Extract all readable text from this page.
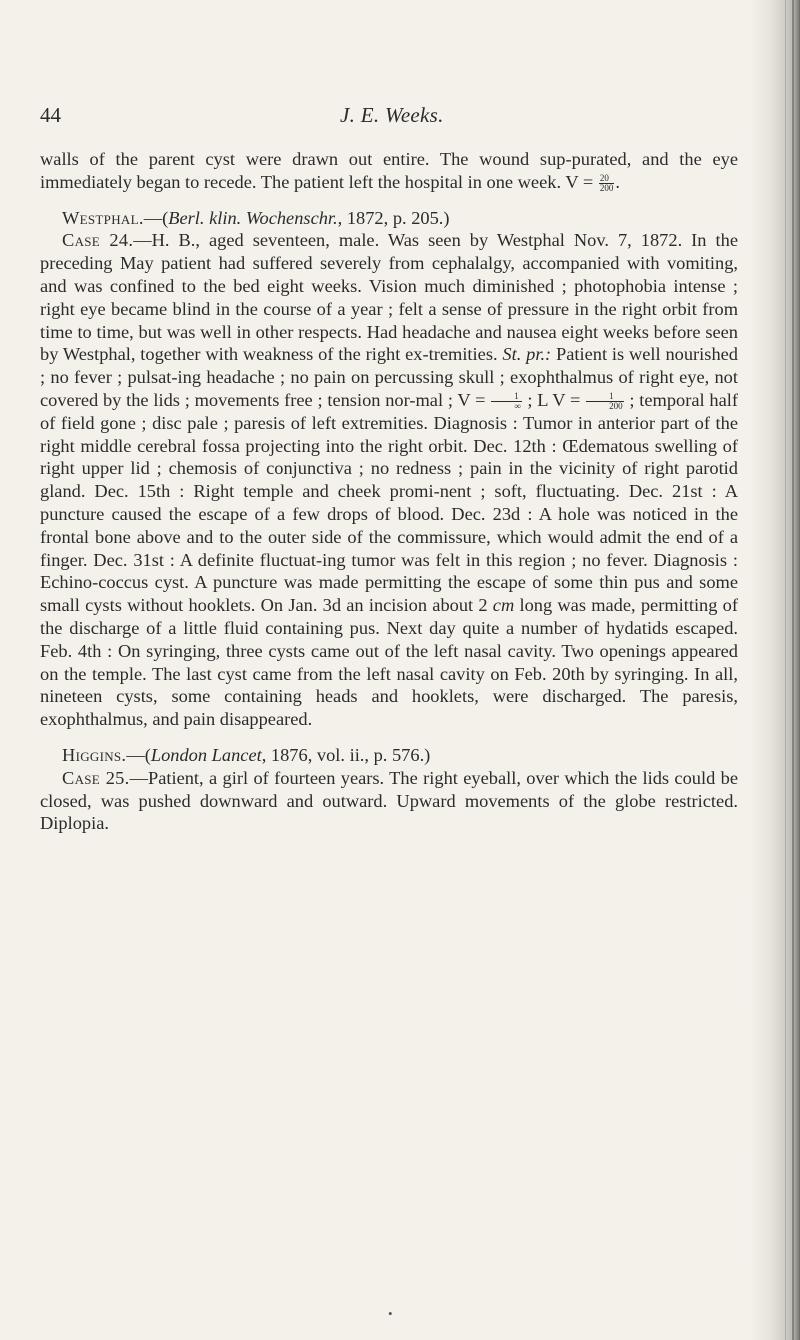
44	J. E. Weeks.

walls of the parent cyst were drawn out entire. The wound sup-purated, and the eye immediately began to recede. The patient left the hospital in one week. $V = \frac{20}{200}$ .

Westphal.—(Berl. klin. Wochenschr., 1872, p. 205.)

Case 24.—H. B., aged seventeen, male. Was seen by Westphal Nov. 7, 1872. In the preceding May patient had suffered severely from cephalalgy, accompanied with vomiting, and was confined to the bed eight weeks. Vision much diminished ; photophobia intense ; right eye became blind in the course of a year ; felt a sense of pressure in the right orbit from time to time, but was well in other respects. Had headache and nausea eight weeks before seen by Westphal, together with weakness of the right ex-tremities. St. pr.: Patient is well nourished ; no fever ; pulsat-ing headache ; no pain on percussing skull ; exophthalmus of right eye, not covered by the lids ; movements free ; tension nor-mal ; $V = \frac{1}{\infty}$ ; L $V = \frac{1}{200}$ ; temporal half of field gone ; disc pale ; paresis of left extremities. Diagnosis : Tumor in anterior part of the right middle cerebral fossa projecting into the right orbit. Dec. 12th : Œdematous swelling of right upper lid ; chemosis of conjunctiva ; no redness ; pain in the vicinity of right parotid gland. Dec. 15th : Right temple and cheek promi-nent ; soft, fluctuating. Dec. 21st : A puncture caused the escape of a few drops of blood. Dec. 23d : A hole was noticed in the frontal bone above and to the outer side of the commissure, which would admit the end of a finger. Dec. 31st : A definite fluctuat-ing tumor was felt in this region ; no fever. Diagnosis : Echino-coccus cyst. A puncture was made permitting the escape of some thin pus and some small cysts without hooklets. On Jan. 3d an incision about 2 cm long was made, permitting of the discharge of a little fluid containing pus. Next day quite a number of hydatids escaped. Feb. 4th : On syringing, three cysts came out of the left nasal cavity. Two openings appeared on the temple. The last cyst came from the left nasal cavity on Feb. 20th by syringing. In all, nineteen cysts, some containing heads and hooklets, were discharged. The paresis, exophthalmus, and pain disappeared.

Higgins.—(London Lancet, 1876, vol. ii., p. 576.)

Case 25.—Patient, a girl of fourteen years. The right eyeball, over which the lids could be closed, was pushed downward and outward. Upward movements of the globe restricted. Diplopia.

•
